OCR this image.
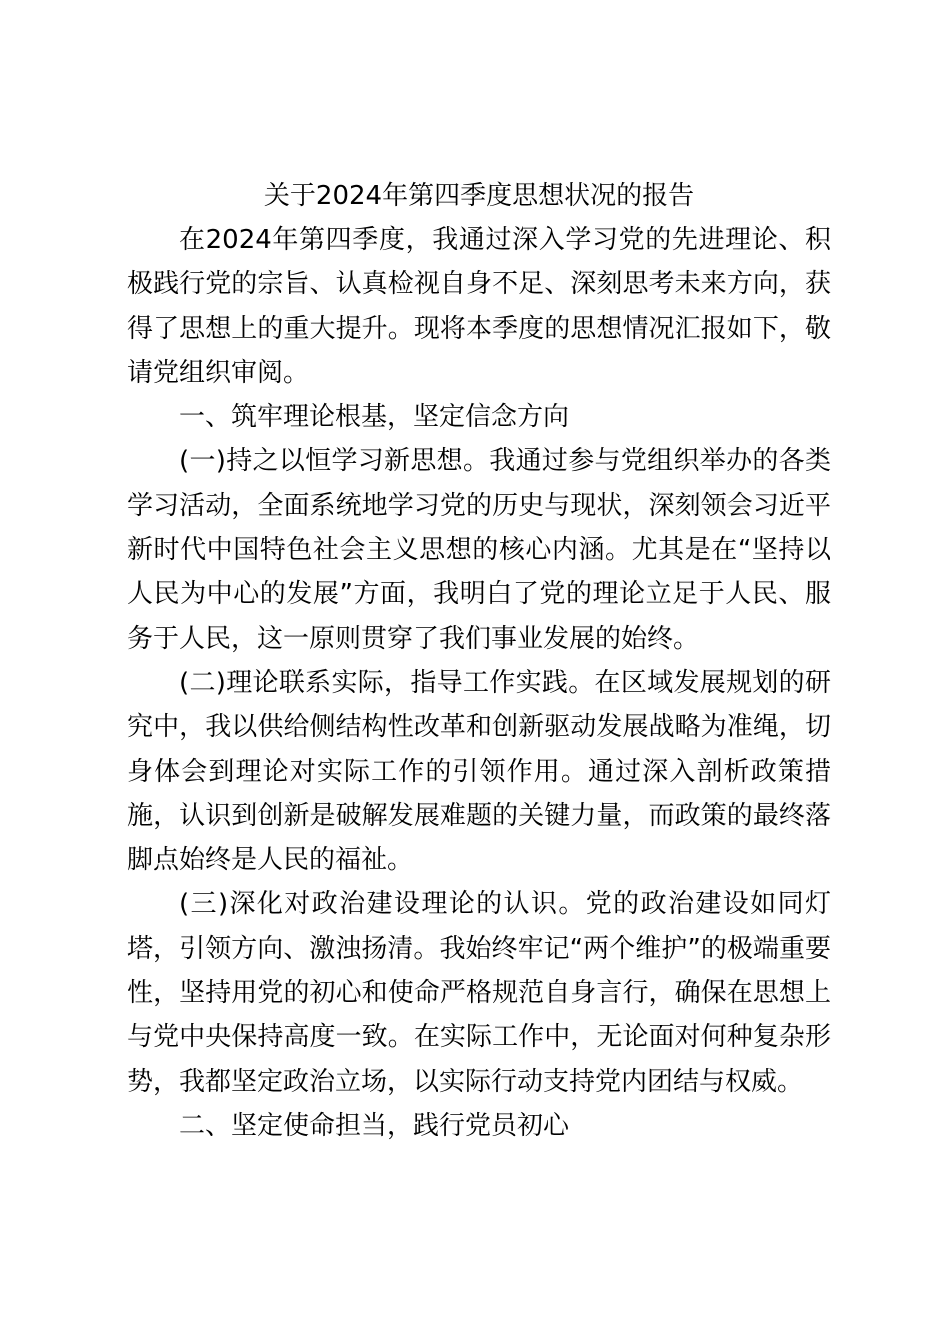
关于2024年第四季度思想状况的报告

在2024年第四季度，我通过深入学习党的先进理论、积极践行党的宗旨、认真检视自身不足、深刻思考未来方向，获得了思想上的重大提升。现将本季度的思想情况汇报如下，敬请党组织审阅。

一、筑牢理论根基，坚定信念方向

(一)持之以恒学习新思想。我通过参与党组织举办的各类学习活动，全面系统地学习党的历史与现状，深刻领会习近平新时代中国特色社会主义思想的核心内涵。尤其是在“坚持以人民为中心的发展”方面，我明白了党的理论立足于人民、服务于人民，这一原则贯穿了我们事业发展的始终。

(二)理论联系实际，指导工作实践。在区域发展规划的研究中，我以供给侧结构性改革和创新驱动发展战略为准绳，切身体会到理论对实际工作的引领作用。通过深入剖析政策措施，认识到创新是破解发展难题的关键力量，而政策的最终落脚点始终是人民的福祉。

(三)深化对政治建设理论的认识。党的政治建设如同灯塔，引领方向、激浊扬清。我始终牢记“两个维护”的极端重要性，坚持用党的初心和使命严格规范自身言行，确保在思想上与党中央保持高度一致。在实际工作中，无论面对何种复杂形势，我都坚定政治立场，以实际行动支持党内团结与权威。

二、坚定使命担当，践行党员初心
